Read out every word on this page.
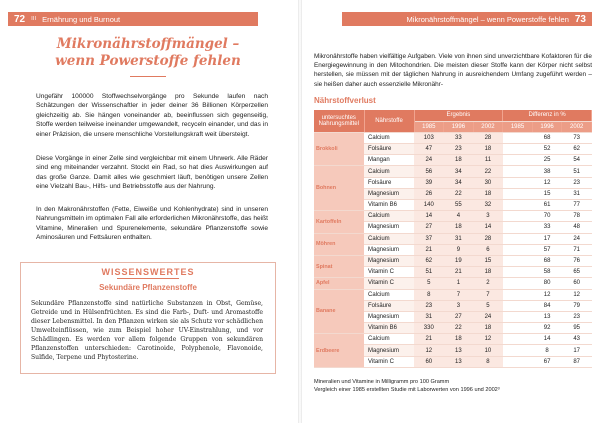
72 III Ernährung und Burnout
Mikronährstoffmängel –
wenn Powerstoffe fehlen
Ungefähr 100000 Stoffwechselvorgänge pro Sekunde laufen nach Schätzungen der Wissenschaftler in jeder deiner 36 Billionen Körperzellen gleichzeitig ab. Sie hängen voneinander ab, beeinflussen sich gegenseitig, Stoffe werden teilweise ineinander umgewandelt, recyceln einander, und das in einer Präzision, die unsere menschliche Vorstellungskraft weit übersteigt.
Diese Vorgänge in einer Zelle sind vergleichbar mit einem Uhrwerk. Alle Räder sind eng miteinander verzahnt. Stockt ein Rad, so hat dies Auswirkungen auf das große Ganze. Damit alles wie geschmiert läuft, benötigen unsere Zellen eine Vielzahl Bau-, Hilfs- und Betriebsstoffe aus der Nahrung.
In den Makronährstoffen (Fette, Eiweiße und Kohlenhydrate) sind in unseren Nahrungsmitteln im optimalen Fall alle erforderlichen Mikronährstoffe, das heißt Vitamine, Mineralien und Spurenelemente, sekundäre Pflanzenstoffe sowie Aminosäuren und Fettsäuren enthalten.
WISSENSWERTES
Sekundäre Pflanzenstoffe
Sekundäre Pflanzenstoffe sind natürliche Substanzen in Obst, Gemüse, Getreide und in Hülsenfrüchten. Es sind die Farb-, Duft- und Aromastoffe dieser Lebensmittel. In den Pflanzen wirken sie als Schutz vor schädlichen Umwelteinflüssen, wie zum Beispiel hoher UV-Einstrahlung, und vor Schädlingen. Es werden vor allem folgende Gruppen von sekundären Pflanzenstoffen unterschieden: Carotinoide, Polyphenole, Flavonoide, Sulfide, Terpene und Phytosterine.
Mikronährstoffmängel – wenn Powerstoffe fehlen 73
Mikronährstoffe haben vielfältige Aufgaben. Viele von ihnen sind unverzichtbare Kofaktoren für die Energiegewinnung in den Mitochondrien. Die meisten dieser Stoffe kann der Körper nicht selbst herstellen, sie müssen mit der täglichen Nahrung in ausreichendem Umfang zugeführt werden – sie heißen daher auch essenzielle Mikronähr-
Nährstoffverlust
untersuchtes Nahrungsmittel	Nährstoffe	Ergebnis			Differenz in %		
		1985	1996	2002	1985	1996	2002
Brokkoli	Calcium	103	33	28		68	73
	Folsäure	47	23	18		52	62
	Mangan	24	18	11		25	54
Bohnen	Calcium	56	34	22		38	51
	Folsäure	39	34	30		12	23
	Magnesium	26	22	18		15	31
	Vitamin B6	140	55	32		61	77
Kartoffeln	Calcium	14	4	3		70	78
	Magnesium	27	18	14		33	48
Möhren	Calcium	37	31	28		17	24
	Magnesium	21	9	6		57	71
Spinat	Magnesium	62	19	15		68	76
	Vitamin C	51	21	18		58	65
Apfel	Vitamin C	5	1	2		80	60
Banane	Calcium	8	7	7		12	12
	Folsäure	23	3	5		84	79
	Magnesium	31	27	24		13	23
	Vitamin B6	330	22	18		92	95
Erdbeere	Calcium	21	18	12		14	43
	Magnesium	12	13	10		8	17
	Vitamin C	60	13	8		67	87
Mineralien und Vitamine in Milligramm pro 100 Gramm
Vergleich einer 1985 erstellten Studie mit Laborwerten von 1996 und 2002³
